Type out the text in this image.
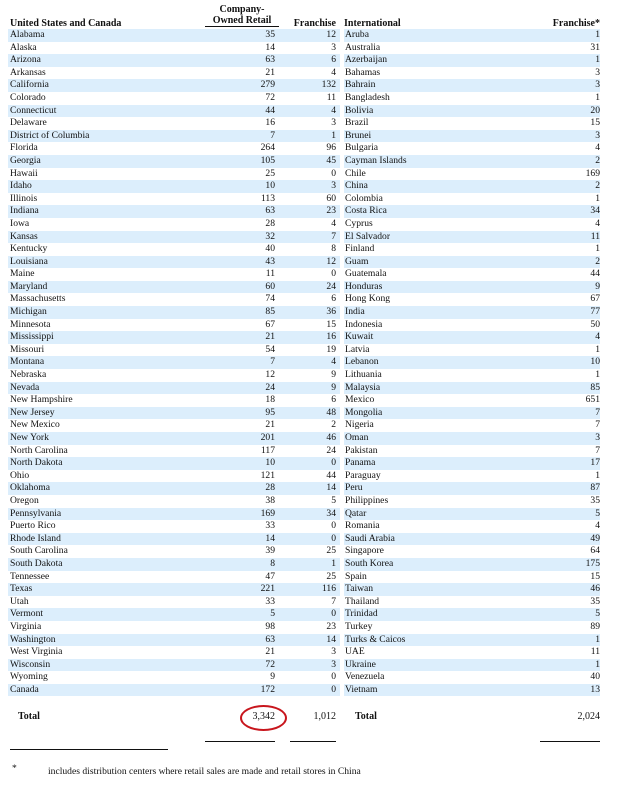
United States and Canada
Company-
Owned Retail	Franchise International	Franchise*
Alabama	35	12 Aruba	1
Alaska	14	3 Australia	31
Arizona	63	6 Azerbaijan	1
Arkansas	21	4 Bahamas	3
California	279	132 Bahrain	3
Colorado	72	11 Bangladesh	1
Connecticut	44	4 Bolivia	20
Delaware	16	3 Brazil	15
District of Columbia	7	1 Brunei	3
Florida	264	96 Bulgaria	4
Georgia	105	45 Cayman Islands	2
Hawaii	25	0 Chile	169
Idaho	10	3 China	2
Illinois	113	60 Colombia	1
Indiana	63	23 Costa Rica	34
Iowa	28	4 Cyprus	4
Kansas	32	7 El Salvador	11
Kentucky	40	8 Finland	1
Louisiana	43	12 Guam	2
Maine	11	0 Guatemala	44
Maryland	60	24 Honduras	9
Massachusetts	74	6 Hong Kong	67
Michigan	85	36 India	77
Minnesota	67	15 Indonesia	50
Mississippi	21	16 Kuwait	4
Missouri	54	19 Latvia	1
Montana	7	4 Lebanon	10
Nebraska	12	9 Lithuania	1
Nevada	24	9 Malaysia	85
New Hampshire	18	6 Mexico	651
New Jersey	95	48 Mongolia	7
New Mexico	21	2 Nigeria	7
New York	201	46 Oman	3
North Carolina	117	24 Pakistan	7
North Dakota	10	0 Panama	17
Ohio	121	44 Paraguay	1
Oklahoma	28	14 Peru	87
Oregon	38	5 Philippines	35
Pennsylvania	169	34 Qatar	5
Puerto Rico	33	0 Romania	4
Rhode Island	14	0 Saudi Arabia	49
South Carolina	39	25 Singapore	64
South Dakota	8	1 South Korea	175
Tennessee	47	25 Spain	15
Texas	221	116 Taiwan	46
Utah	33	7 Thailand	35
Vermont	5	0 Trinidad	5
Virginia	98	23 Turkey	89
Washington	63	14 Turks & Caicos	1
West Virginia	21	3 UAE	11
Wisconsin	72	3 Ukraine	1
Wyoming	9	0 Venezuela	40
Canada	172	0 Vietnam	13
Total	3,342	1,012 Total	2,024
*	includes distribution centers where retail sales are made and retail stores in China
